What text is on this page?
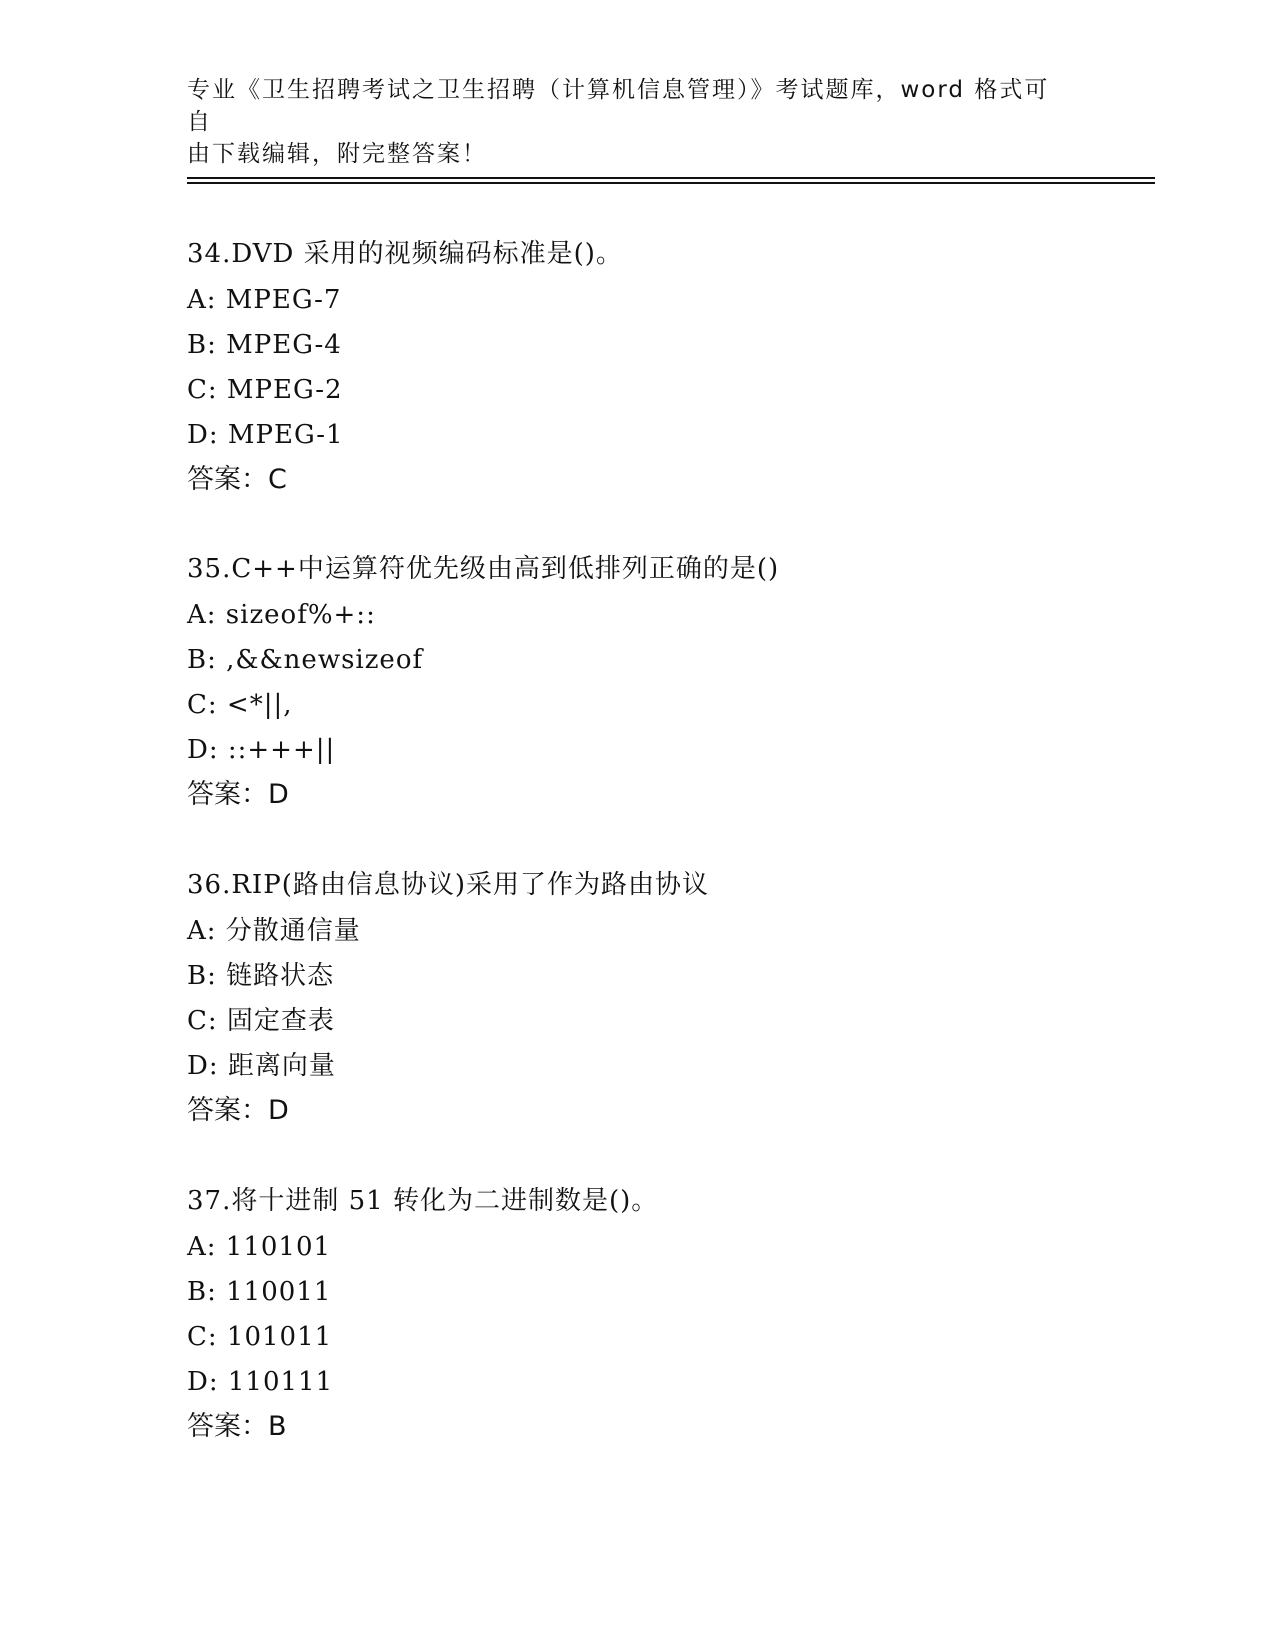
专业《卫生招聘考试之卫生招聘（计算机信息管理）》考试题库，word 格式可自
由下载编辑，附完整答案！
34.DVD 采用的视频编码标准是()。
A: MPEG-7
B: MPEG-4
C: MPEG-2
D: MPEG-1
答案：C
35.C++中运算符优先级由高到低排列正确的是()
A: sizeof%+::
B: ,&&newsizeof
C: <*||,
D: ::+++||
答案：D
36.RIP(路由信息协议)采用了作为路由协议
A: 分散通信量
B: 链路状态
C: 固定查表
D: 距离向量
答案：D
37.将十进制 51 转化为二进制数是()。
A: 110101
B: 110011
C: 101011
D: 110111
答案：B
